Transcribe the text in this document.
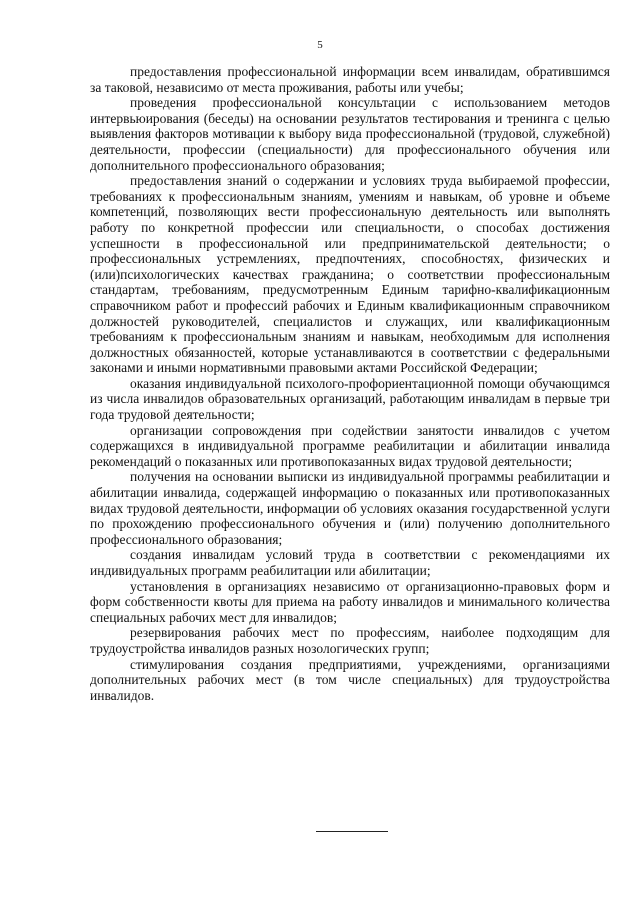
5

предоставления профессиональной информации всем инвалидам, обратившимся за таковой, независимо от места проживания, работы или учебы;

проведения профессиональной консультации с использованием методов интервьюирования (беседы) на основании результатов тестирования и тренинга с целью выявления факторов мотивации к выбору вида профессиональной (трудовой, служебной) деятельности, профессии (специальности) для профессионального обучения или дополнительного профессионального образования;

предоставления знаний о содержании и условиях труда выбираемой профессии, требованиях к профессиональным знаниям, умениям и навыкам, об уровне и объеме компетенций, позволяющих вести профессиональную деятельность или выполнять работу по конкретной профессии или специальности, о способах достижения успешности в профессиональной или предпринимательской деятельности; о профессиональных устремлениях, предпочтениях, способностях, физических и (или)психологических качествах гражданина; о соответствии профессиональным стандартам, требованиям, предусмотренным Единым тарифно-квалификационным справочником работ и профессий рабочих и Единым квалификационным справочником должностей руководителей, специалистов и служащих, или квалификационным требованиям к профессиональным знаниям и навыкам, необходимым для исполнения должностных обязанностей, которые устанавливаются в соответствии с федеральными законами и иными нормативными правовыми актами Российской Федерации;

оказания индивидуальной психолого-профориентационной помощи обучающимся из числа инвалидов образовательных организаций, работающим инвалидам в первые три года трудовой деятельности;

организации сопровождения при содействии занятости инвалидов с учетом содержащихся в индивидуальной программе реабилитации и абилитации инвалида рекомендаций о показанных или противопоказанных видах трудовой деятельности;

получения на основании выписки из индивидуальной программы реабилитации и абилитации инвалида, содержащей информацию о показанных или противопоказанных видах трудовой деятельности, информации об условиях оказания государственной услуги по прохождению профессионального обучения и (или) получению дополнительного профессионального образования;

создания инвалидам условий труда в соответствии с рекомендациями их индивидуальных программ реабилитации или абилитации;

установления в организациях независимо от организационно-правовых форм и форм собственности квоты для приема на работу инвалидов и минимального количества специальных рабочих мест для инвалидов;

резервирования рабочих мест по профессиям, наиболее подходящим для трудоустройства инвалидов разных нозологических групп;

стимулирования создания предприятиями, учреждениями, организациями дополнительных рабочих мест (в том числе специальных) для трудоустройства инвалидов.
